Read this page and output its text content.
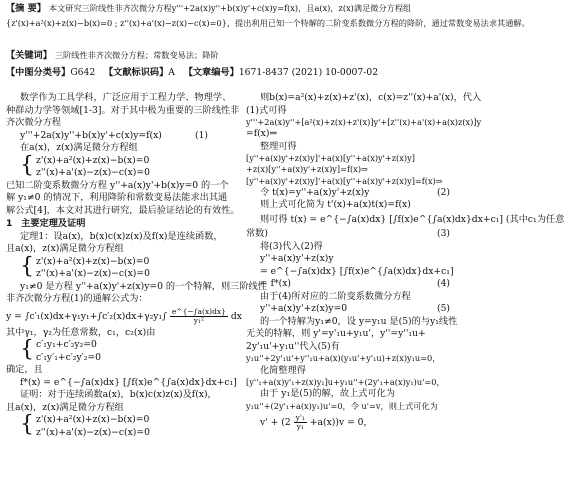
【摘 要】 本文研究三阶线性非齐次微分方程y'''+2a(x)y''+b(x)y'+c(x)y=f(x)，且a(x)，z(x)满足微分方程组
{z'(x)+a²(x)+z(x)−b(x)=0 ; z''(x)+a'(x)−z(x)−c(x)=0}，提出利用已知一个特解的二阶变系数微分方程的降阶，通过常数变易法求其通解。
【关键词】 三阶线性非齐次微分方程；常数变易法；降阶
【中图分类号】G642 【文献标识码】A 【文章编号】1671-8437 (2021) 10-0007-02
数学作为工具学科，广泛应用于工程力学、物理学、
种群动力学等领域[1-3]。对于其中极为重要的三阶线性非
齐次微分方程
y'''+2a(x)y''+b(x)y'+c(x)y=f(x)	(1)
在a(x)，z(x)满足微分方程组
{ z'(x)+a²(x)+z(x)−b(x)=0
z''(x)+a'(x)−z(x)−c(x)=0
已知二阶变系数微分方程 y''+a(x)y'+b(x)y=0 的一个
解 y₁≠0 的情况下，利用降阶和常数变易法能求出其通
解公式[4]，本文对其进行研究，最后验证结论的有效性。
1 主要定理及证明
定理1：设a(x)，b(x)c(x)z(x)及f(x)是连续函数，
且a(x)，z(x)满足微分方程组
{ z'(x)+a²(x)+z(x)−b(x)=0
z''(x)+a'(x)−z(x)−c(x)=0
y₁≠0 是方程 y''+a(x)y'+z(x)y=0 的一个特解，则三阶线性
非齐次微分方程(1)的通解公式为：
$y = \int c'_1(x)dx+\gamma_1y_1+\int c'_2(x)dx+\gamma_2y_1\int \frac{e\^{}\{-\int a(x)dx\}}{\text{y₁²}}$ dx
其中γ₁，γ₂为任意常数，c₁，c₂(x)由
{ c′₁y₁+c′₂y₂=0
c′₁y′₁+c′₂y′₂=0
确定，且
f*(x) = e^{−∫a(x)dx} [∫f(x)e^{∫a(x)dx}dx+c₁]
证明：对于连续函数a(x)，b(x)c(x)z(x)及f(x)，
且a(x)，z(x)满足微分方程组
{ z'(x)+a²(x)+z(x)−b(x)=0
z''(x)+a'(x)−z(x)−c(x)=0
则b(x)=a²(x)+z(x)+z'(x)，c(x)=z''(x)+a'(x)，代入
(1)式可得
y'''+2a(x)y''+[a²(x)+z(x)+z'(x)]y'+[z''(x)+a'(x)+a(x)z(x)]y
=f(x)⇒
整理可得
[y''+a(x)y'+z(x)y]'+a(x)[y''+a(x)y'+z(x)y]
+z(x)[y''+a(x)y'+z(x)y]=f(x)⇒
[y''+a(x)y'+z(x)y]'+a(x)[y''+a(x)y'+z(x)y]=f(x)⇒
令 t(x)=y''+a(x)y'+z(x)y	(2)
则上式可化简为 t'(x)+a(x)t(x)=f(x)
则可得 t(x) = e^{−∫a(x)dx} [∫f(x)e^{∫a(x)dx}dx+c₁] (其中c₁为任意
常数)	(3)
将(3)代入(2)得
y''+a(x)y'+z(x)y
= e^{−∫a(x)dx} [∫f(x)e^{∫a(x)dx}dx+c₁]
= f*(x)	(4)
由于(4)所对应的二阶变系数微分方程
y''+a(x)y'+z(x)y=0	(5)
的一个特解为y₁≠0，设 y=y₁u 是(5)的与y₁线性
无关的特解，则 y'=y'₁u+y₁u'，y''=y''₁u+
2y'₁u'+y₁u''代入(5)有
y₁u''+2y'₁u'+y''₁u+a(x)(y₁u'+y'₁u)+z(x)y₁u=0，
化简整理得
[y''₁+a(x)y'₁+z(x)y₁]u+y₁u''+(2y'₁+a(x)y₁)u'=0，
由于 y₁是(5)的解，故上式可化为
y₁u''+(2y'₁+a(x)y₁)u'=0，令 u'=v，则上式可化为
$v' + (2 \frac{\text{y'₁}}{\text{y₁}} +a(x))v = 0$，
